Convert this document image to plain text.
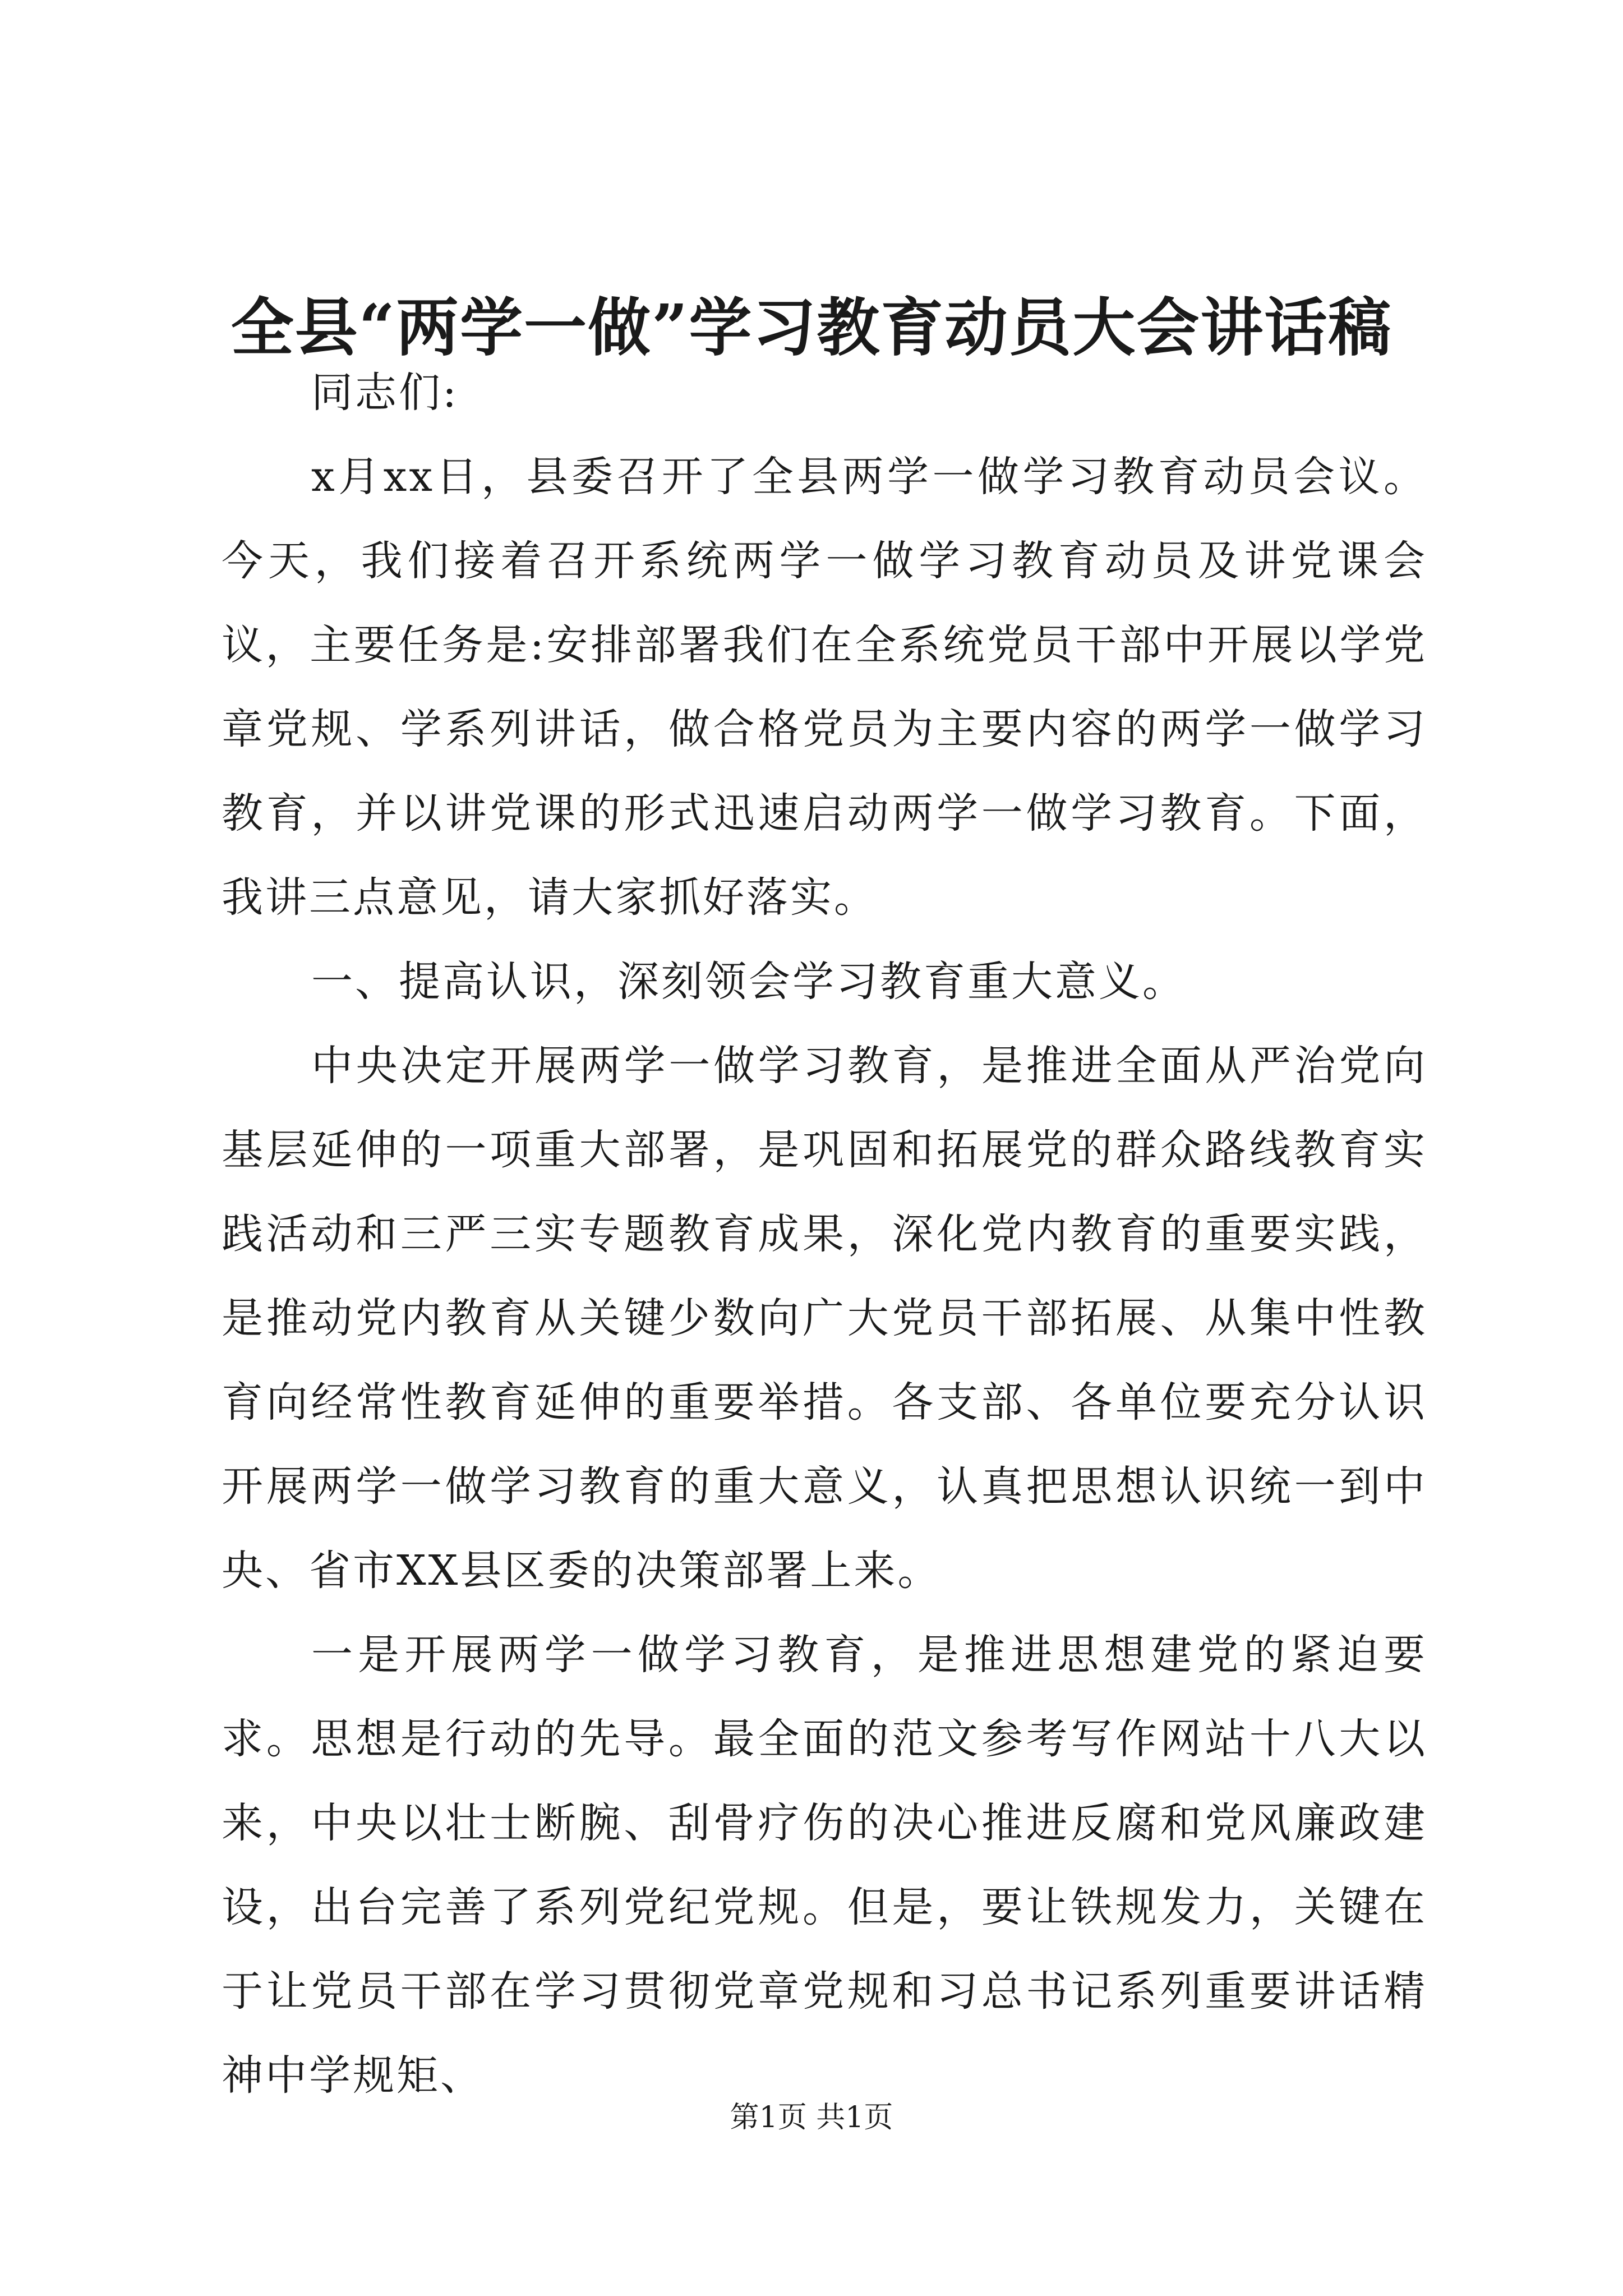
全县“两学一做”学习教育动员大会讲话稿

同志们:

x月xx日，县委召开了全县两学一做学习教育动员会议。今天，我们接着召开系统两学一做学习教育动员及讲党课会议，主要任务是:安排部署我们在全系统党员干部中开展以学党章党规、学系列讲话，做合格党员为主要内容的两学一做学习教育，并以讲党课的形式迅速启动两学一做学习教育。下面，我讲三点意见，请大家抓好落实。

一、提高认识，深刻领会学习教育重大意义。

中央决定开展两学一做学习教育，是推进全面从严治党向基层延伸的一项重大部署，是巩固和拓展党的群众路线教育实践活动和三严三实专题教育成果，深化党内教育的重要实践，是推动党内教育从关键少数向广大党员干部拓展、从集中性教育向经常性教育延伸的重要举措。各支部、各单位要充分认识开展两学一做学习教育的重大意义，认真把思想认识统一到中央、省市XX县区委的决策部署上来。

一是开展两学一做学习教育，是推进思想建党的紧迫要求。思想是行动的先导。最全面的范文参考写作网站十八大以来，中央以壮士断腕、刮骨疗伤的决心推进反腐和党风廉政建设，出台完善了系列党纪党规。但是，要让铁规发力，关键在于让党员干部在学习贯彻党章党规和习总书记系列重要讲话精神中学规矩、

第1页 共1页
